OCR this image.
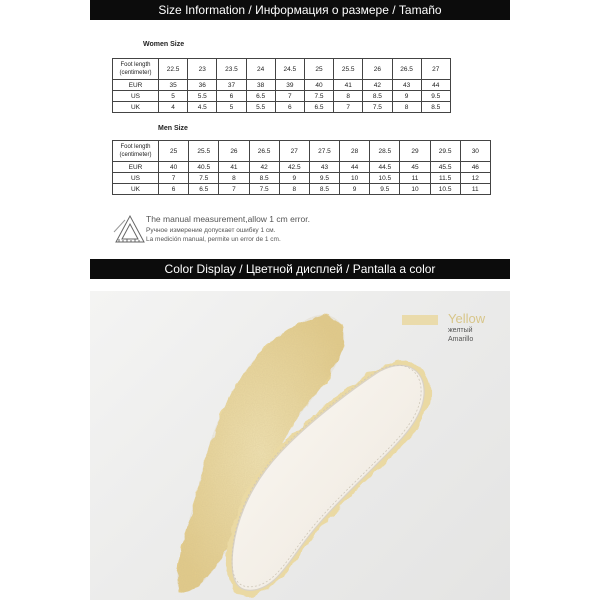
Size Information / Информация о размере / Tamaño
Women Size
Foot length (centimeter)	22.5	23	23.5	24	24.5	25	25.5	26	26.5	27
EUR	35	36	37	38	39	40	41	42	43	44
US	5	5.5	6	6.5	7	7.5	8	8.5	9	9.5
UK	4	4.5	5	5.5	6	6.5	7	7.5	8	8.5
Men Size
Foot length (centimeter)	25	25.5	26	26.5	27	27.5	28	28.5	29	29.5	30
EUR	40	40.5	41	42	42.5	43	44	44.5	45	45.5	46
US	7	7.5	8	8.5	9	9.5	10	10.5	11	11.5	12
UK	6	6.5	7	7.5	8	8.5	9	9.5	10	10.5	11
The manual measurement,allow 1 cm error.
Ручное измерение допускает ошибку 1 см.
La medición manual, permite un error de 1 cm.
Color Display / Цветной дисплей / Pantalla a color
Yellow
желтый
Amarillo
